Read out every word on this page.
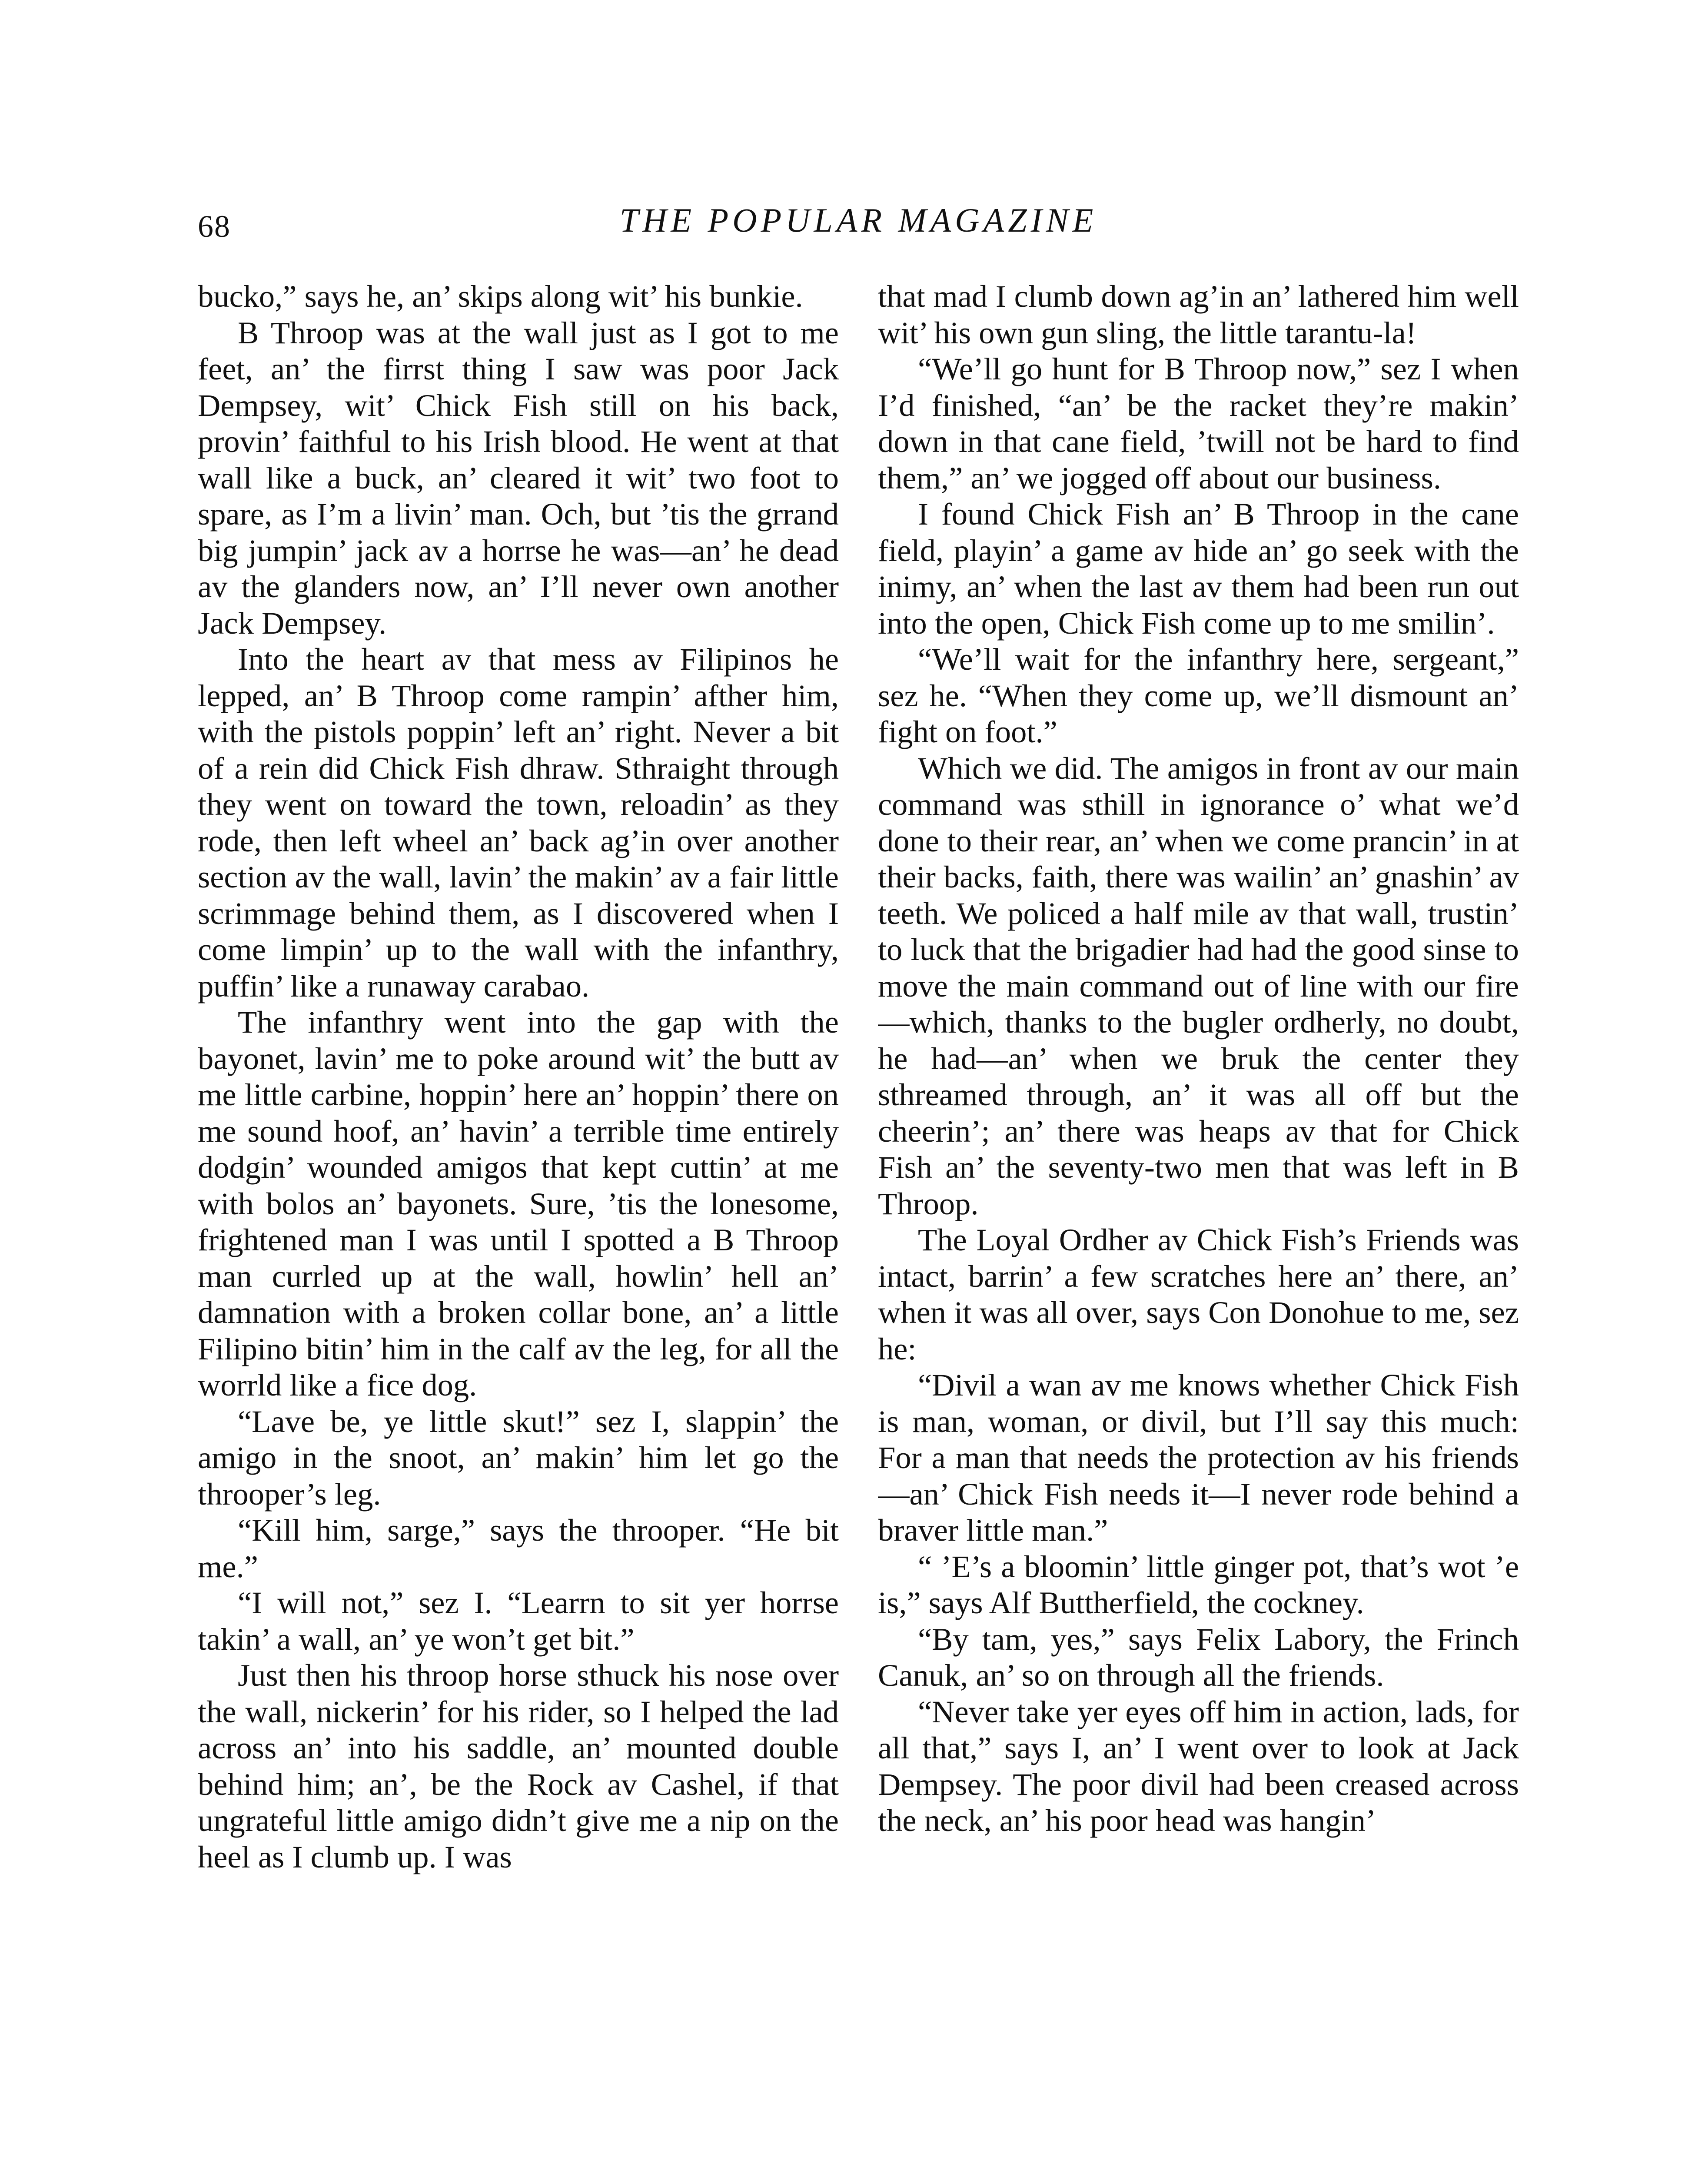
68	THE POPULAR MAGAZINE

bucko,” says he, an’ skips along wit’ his bunkie.

B Throop was at the wall just as I got to me feet, an’ the firrst thing I saw was poor Jack Dempsey, wit’ Chick Fish still on his back, provin’ faithful to his Irish blood. He went at that wall like a buck, an’ cleared it wit’ two foot to spare, as I’m a livin’ man. Och, but ’tis the grrand big jumpin’ jack av a horrse he was—an’ he dead av the glanders now, an’ I’ll never own another Jack Dempsey.

Into the heart av that mess av Filipinos he lepped, an’ B Throop come rampin’ afther him, with the pistols poppin’ left an’ right. Never a bit of a rein did Chick Fish dhraw. Sthraight through they went on toward the town, reloadin’ as they rode, then left wheel an’ back ag’in over another section av the wall, lavin’ the makin’ av a fair little scrimmage behind them, as I discovered when I come limpin’ up to the wall with the infanthry, puffin’ like a runaway carabao.

The infanthry went into the gap with the bayonet, lavin’ me to poke around wit’ the butt av me little carbine, hoppin’ here an’ hoppin’ there on me sound hoof, an’ havin’ a terrible time entirely dodgin’ wounded amigos that kept cuttin’ at me with bolos an’ bayonets. Sure, ’tis the lonesome, frightened man I was until I spotted a B Throop man currled up at the wall, howlin’ hell an’ damnation with a broken collar bone, an’ a little Filipino bitin’ him in the calf av the leg, for all the worrld like a fice dog.

“Lave be, ye little skut!” sez I, slappin’ the amigo in the snoot, an’ makin’ him let go the throoper’s leg.

“Kill him, sarge,” says the throoper. “He bit me.”

“I will not,” sez I. “Learrn to sit yer horrse takin’ a wall, an’ ye won’t get bit.”

Just then his throop horse sthuck his nose over the wall, nickerin’ for his rider, so I helped the lad across an’ into his saddle, an’ mounted double behind him; an’, be the Rock av Cashel, if that ungrateful little amigo didn’t give me a nip on the heel as I clumb up. I was

that mad I clumb down ag’in an’ lathered him well wit’ his own gun sling, the little tarantu-la!

“We’ll go hunt for B Throop now,” sez I when I’d finished, “an’ be the racket they’re makin’ down in that cane field, ’twill not be hard to find them,” an’ we jogged off about our business.

I found Chick Fish an’ B Throop in the cane field, playin’ a game av hide an’ go seek with the inimy, an’ when the last av them had been run out into the open, Chick Fish come up to me smilin’.

“We’ll wait for the infanthry here, sergeant,” sez he. “When they come up, we’ll dismount an’ fight on foot.”

Which we did. The amigos in front av our main command was sthill in ignorance o’ what we’d done to their rear, an’ when we come prancin’ in at their backs, faith, there was wailin’ an’ gnashin’ av teeth. We policed a half mile av that wall, trustin’ to luck that the brigadier had had the good sinse to move the main command out of line with our fire—which, thanks to the bugler ordherly, no doubt, he had—an’ when we bruk the center they sthreamed through, an’ it was all off but the cheerin’; an’ there was heaps av that for Chick Fish an’ the seventy-two men that was left in B Throop.

The Loyal Ordher av Chick Fish’s Friends was intact, barrin’ a few scratches here an’ there, an’ when it was all over, says Con Donohue to me, sez he:

“Divil a wan av me knows whether Chick Fish is man, woman, or divil, but I’ll say this much: For a man that needs the protection av his friends—an’ Chick Fish needs it—I never rode behind a braver little man.”

“ ’E’s a bloomin’ little ginger pot, that’s wot ’e is,” says Alf Buttherfield, the cockney.

“By tam, yes,” says Felix Labory, the Frinch Canuk, an’ so on through all the friends.

“Never take yer eyes off him in action, lads, for all that,” says I, an’ I went over to look at Jack Dempsey. The poor divil had been creased across the neck, an’ his poor head was hangin’
